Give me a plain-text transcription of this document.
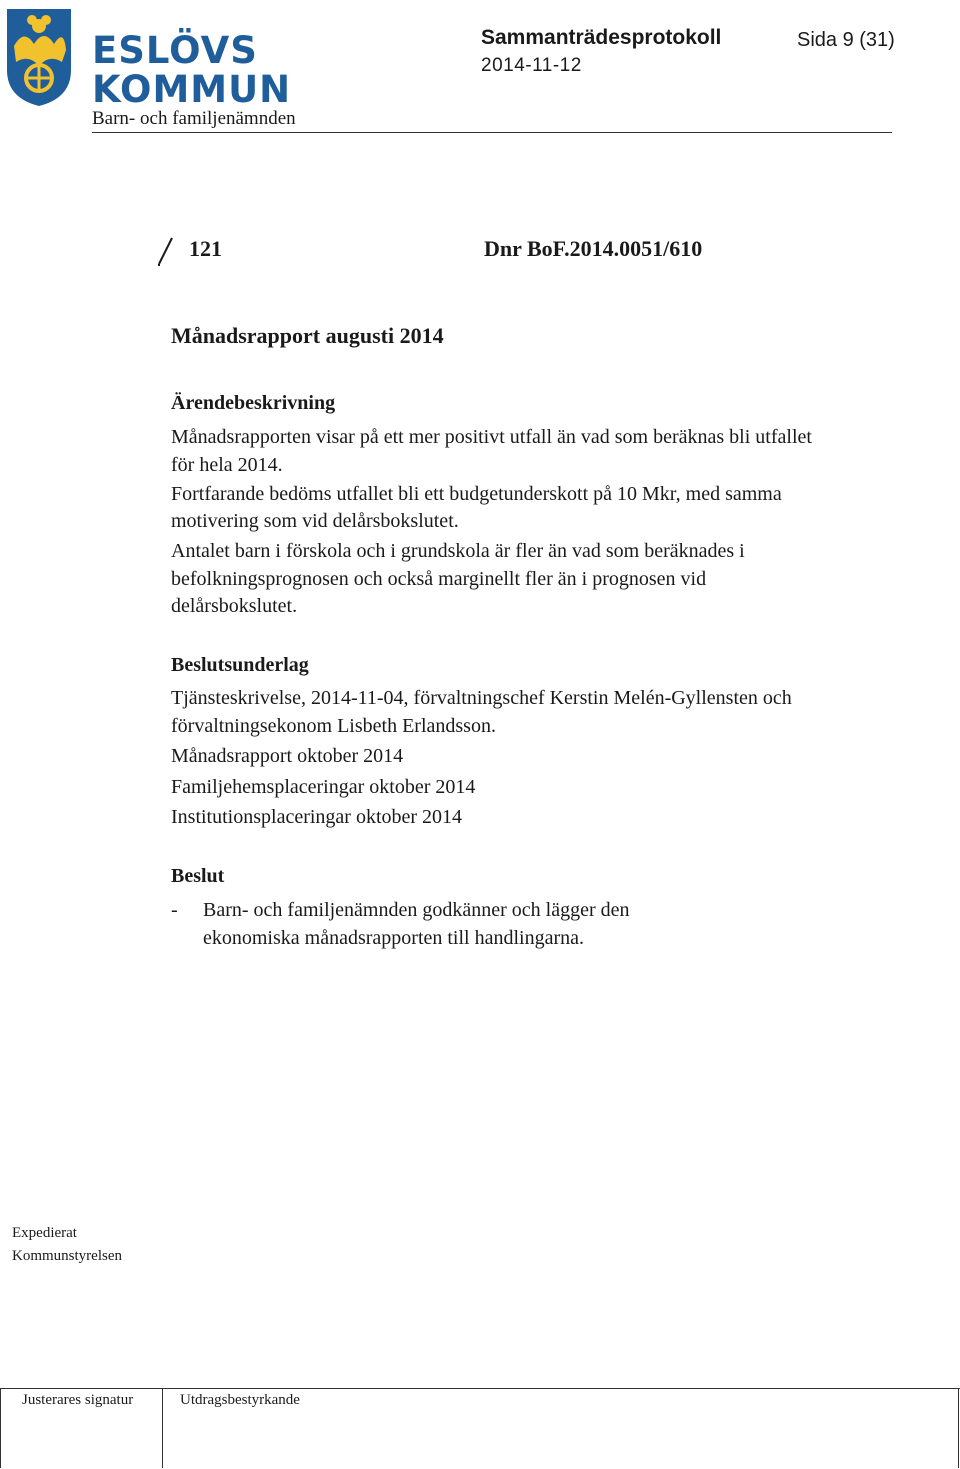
ESLÖVS
KOMMUN
Sammanträdesprotokoll	Sida 9 (31)
2014-11-12
Barn- och familjenämnden
121	Dnr BoF.2014.0051/610
Månadsrapport augusti 2014
Ärendebeskrivning
Månadsrapporten visar på ett mer positivt utfall än vad som beräknas bli utfallet
för hela 2014.
Fortfarande bedöms utfallet bli ett budgetunderskott på 10 Mkr, med samma
motivering som vid delårsbokslutet.
Antalet barn i förskola och i grundskola är fler än vad som beräknades i
befolkningsprognosen och också marginellt fler än i prognosen vid
delårsbokslutet.
Beslutsunderlag
Tjänsteskrivelse, 2014-11-04, förvaltningschef Kerstin Melén-Gyllensten och
förvaltningsekonom Lisbeth Erlandsson.
Månadsrapport oktober 2014
Familjehemsplaceringar oktober 2014
Institutionsplaceringar oktober 2014
Beslut
- Barn- och familjenämnden godkänner och lägger den
ekonomiska månadsrapporten till handlingarna.
Expedierat
Kommunstyrelsen
Justerares signatur	Utdragsbestyrkande
